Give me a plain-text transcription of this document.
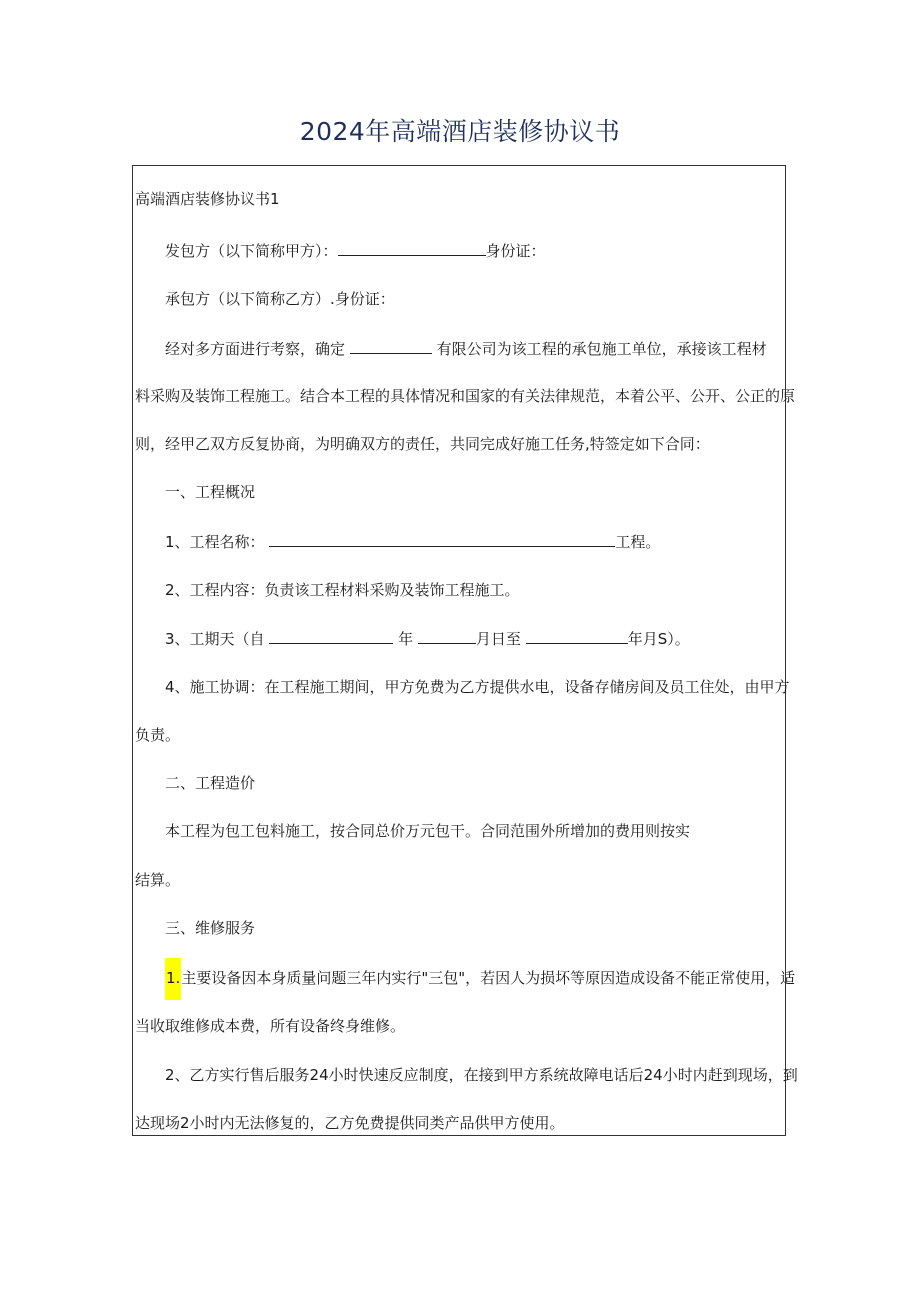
2024年高端酒店装修协议书
高端酒店装修协议书1
发包方（以下简称甲方）：	身份证：
承包方（以下简称乙方）.身份证：
经对多方面进行考察，确定	有限公司为该工程的承包施工单位，承接该工程材
料采购及装饰工程施工。结合本工程的具体情况和国家的有关法律规范，本着公平、公开、公正的原
则，经甲乙双方反复协商，为明确双方的责任，共同完成好施工任务,特签定如下合同：
一、工程概况
1、工程名称：	工程。
2、工程内容：负责该工程材料采购及装饰工程施工。
3、工期天（自	年	月日至	年月S）。
4、施工协调：在工程施工期间，甲方免费为乙方提供水电，设备存储房间及员工住处，由甲方
负责。
二、工程造价
本工程为包工包料施工，按合同总价万元包干。合同范围外所增加的费用则按实
结算。
三、维修服务
1.主要设备因本身质量问题三年内实行"三包"，若因人为损坏等原因造成设备不能正常使用，适
当收取维修成本费，所有设备终身维修。
2、乙方实行售后服务24小时快速反应制度，在接到甲方系统故障电话后24小时内赶到现场，到
达现场2小时内无法修复的，乙方免费提供同类产品供甲方使用。
